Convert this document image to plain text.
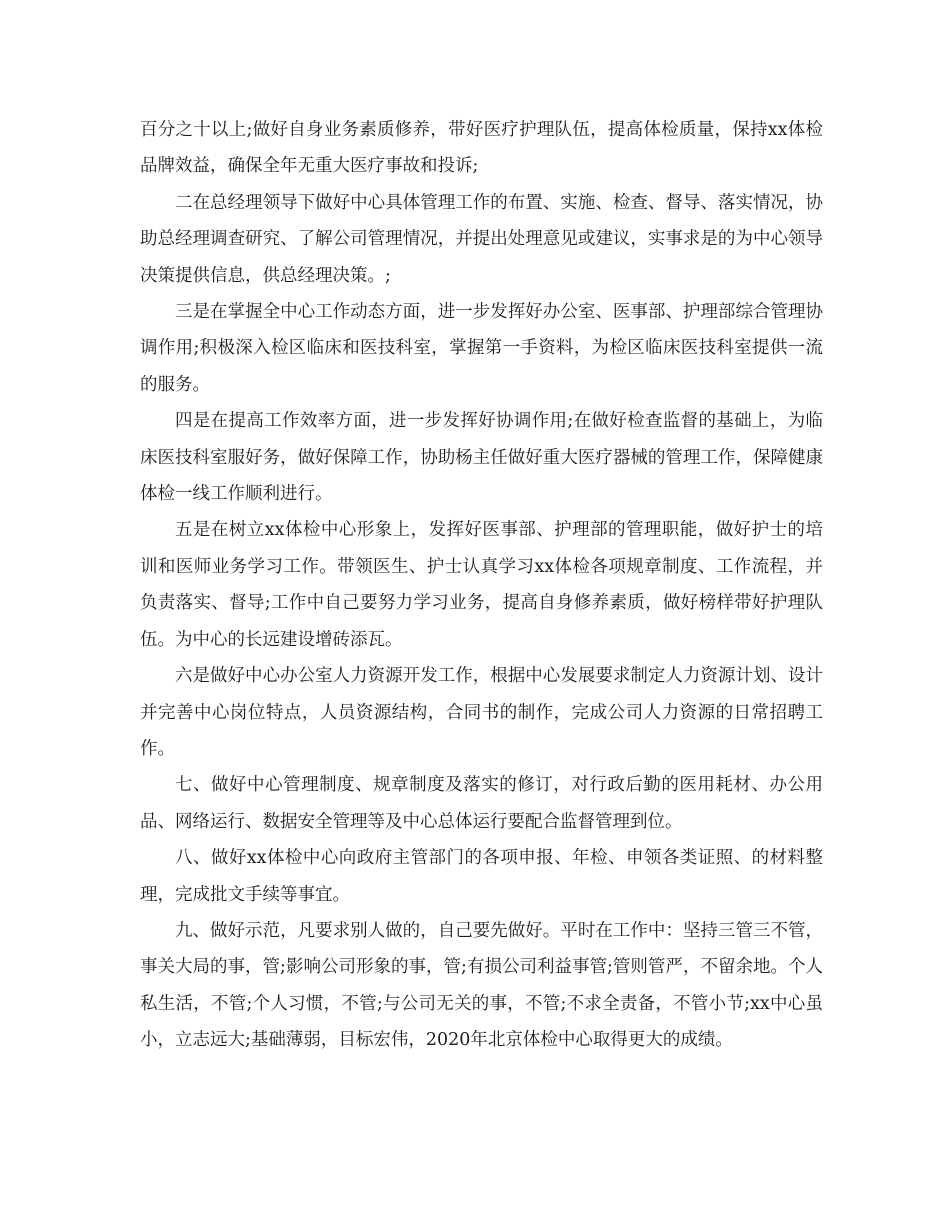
百分之十以上;做好自身业务素质修养，带好医疗护理队伍，提高体检质量，保持xx体检品牌效益，确保全年无重大医疗事故和投诉;

二在总经理领导下做好中心具体管理工作的布置、实施、检查、督导、落实情况，协助总经理调查研究、了解公司管理情况，并提出处理意见或建议，实事求是的为中心领导决策提供信息，供总经理决策。;

三是在掌握全中心工作动态方面，进一步发挥好办公室、医事部、护理部综合管理协调作用;积极深入检区临床和医技科室，掌握第一手资料，为检区临床医技科室提供一流的服务。

四是在提高工作效率方面，进一步发挥好协调作用;在做好检查监督的基础上，为临床医技科室服好务，做好保障工作，协助杨主任做好重大医疗器械的管理工作，保障健康体检一线工作顺利进行。

五是在树立xx体检中心形象上，发挥好医事部、护理部的管理职能，做好护士的培训和医师业务学习工作。带领医生、护士认真学习xx体检各项规章制度、工作流程，并负责落实、督导;工作中自己要努力学习业务，提高自身修养素质，做好榜样带好护理队伍。为中心的长远建设增砖添瓦。

六是做好中心办公室人力资源开发工作，根据中心发展要求制定人力资源计划、设计并完善中心岗位特点，人员资源结构，合同书的制作，完成公司人力资源的日常招聘工作。

七、做好中心管理制度、规章制度及落实的修订，对行政后勤的医用耗材、办公用品、网络运行、数据安全管理等及中心总体运行要配合监督管理到位。

八、做好xx体检中心向政府主管部门的各项申报、年检、申领各类证照、的材料整理，完成批文手续等事宜。

九、做好示范，凡要求别人做的，自己要先做好。平时在工作中：坚持三管三不管，事关大局的事，管;影响公司形象的事，管;有损公司利益事管;管则管严，不留余地。个人私生活，不管;个人习惯，不管;与公司无关的事，不管;不求全责备，不管小节;xx中心虽小，立志远大;基础薄弱，目标宏伟，2020年北京体检中心取得更大的成绩。
